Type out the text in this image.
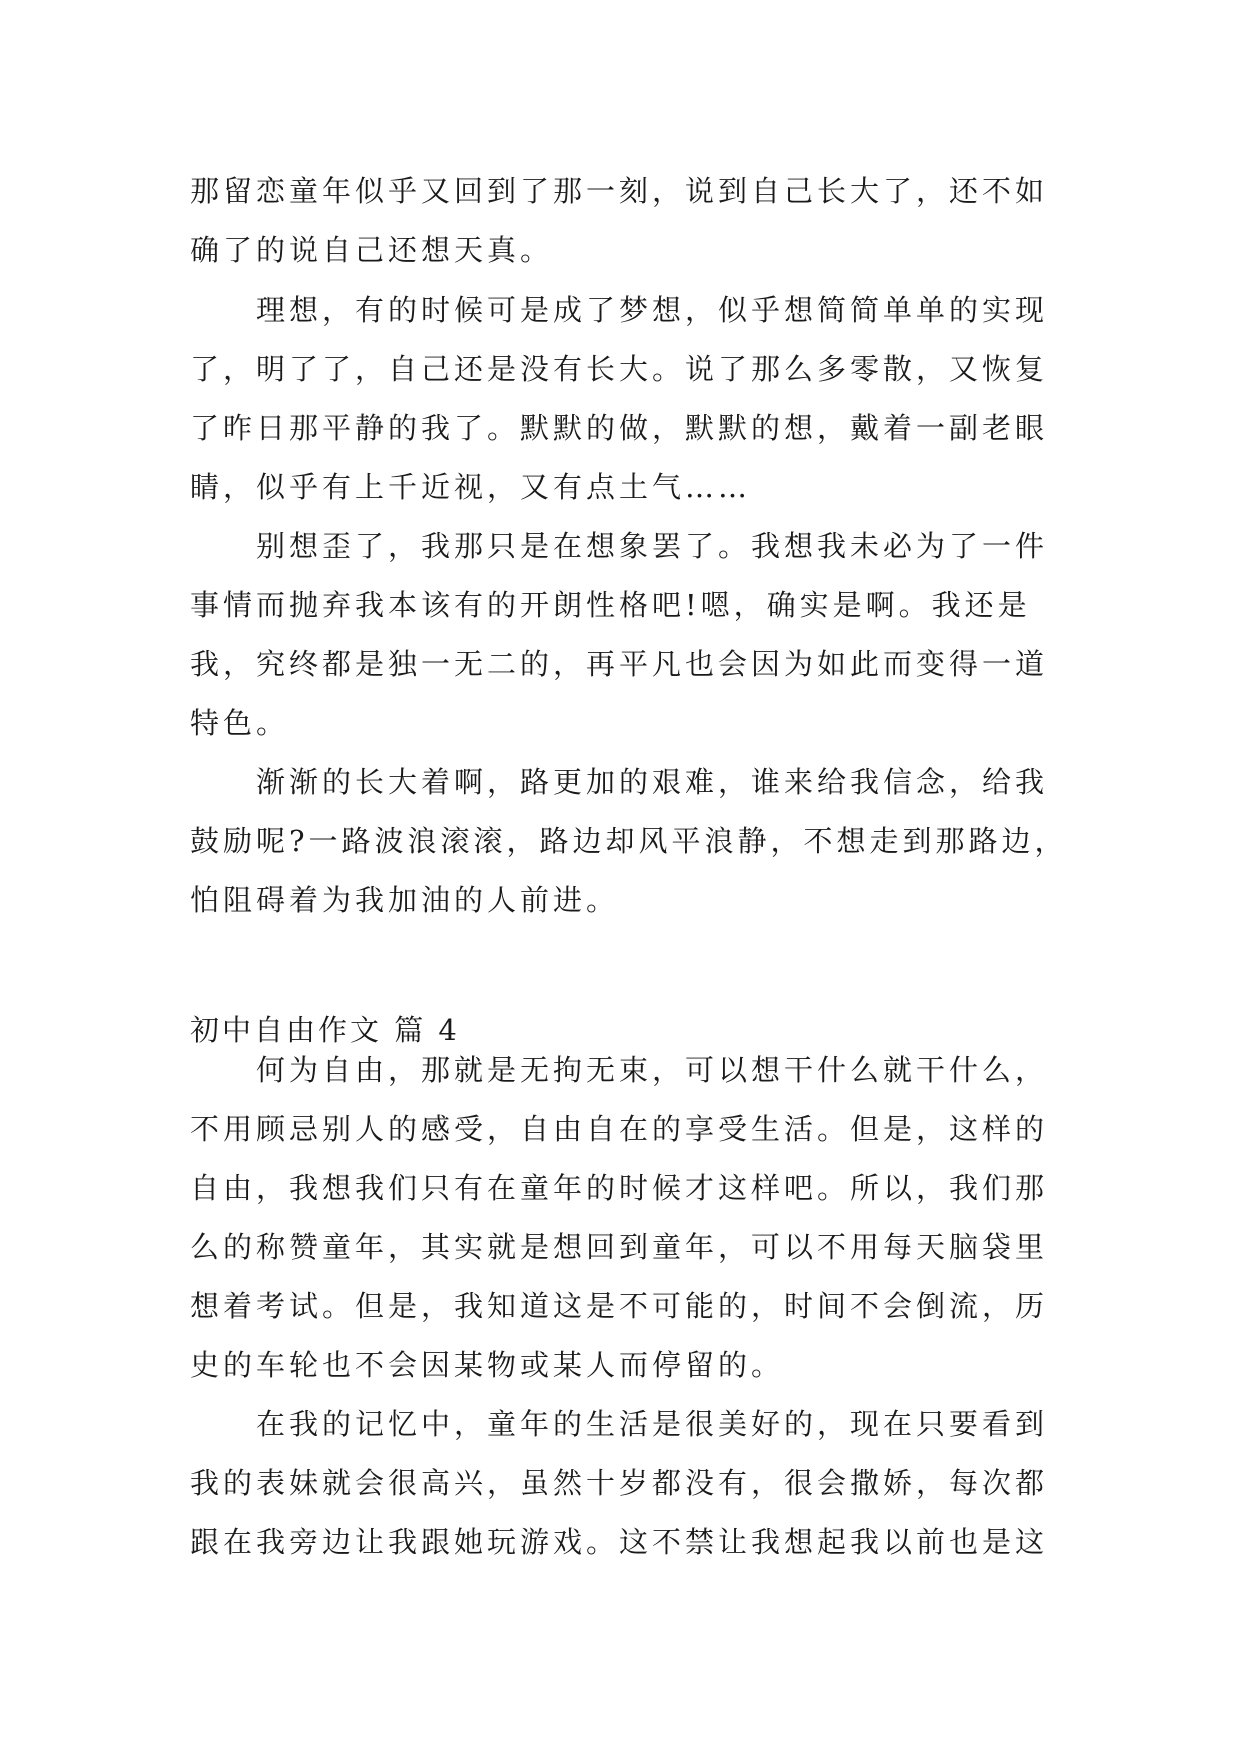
那留恋童年似乎又回到了那一刻，说到自己长大了，还不如
确了的说自己还想天真。
理想，有的时候可是成了梦想，似乎想简简单单的实现
了，明了了，自己还是没有长大。说了那么多零散，又恢复
了昨日那平静的我了。默默的做，默默的想，戴着一副老眼
睛，似乎有上千近视，又有点土气……
别想歪了，我那只是在想象罢了。我想我未必为了一件
事情而抛弃我本该有的开朗性格吧!嗯，确实是啊。我还是
我，究终都是独一无二的，再平凡也会因为如此而变得一道
特色。
渐渐的长大着啊，路更加的艰难，谁来给我信念，给我
鼓励呢?一路波浪滚滚，路边却风平浪静，不想走到那路边，
怕阻碍着为我加油的人前进。
初中自由作文 篇 4
何为自由，那就是无拘无束，可以想干什么就干什么，
不用顾忌别人的感受，自由自在的享受生活。但是，这样的
自由，我想我们只有在童年的时候才这样吧。所以，我们那
么的称赞童年，其实就是想回到童年，可以不用每天脑袋里
想着考试。但是，我知道这是不可能的，时间不会倒流，历
史的车轮也不会因某物或某人而停留的。
在我的记忆中，童年的生活是很美好的，现在只要看到
我的表妹就会很高兴，虽然十岁都没有，很会撒娇，每次都
跟在我旁边让我跟她玩游戏。这不禁让我想起我以前也是这
